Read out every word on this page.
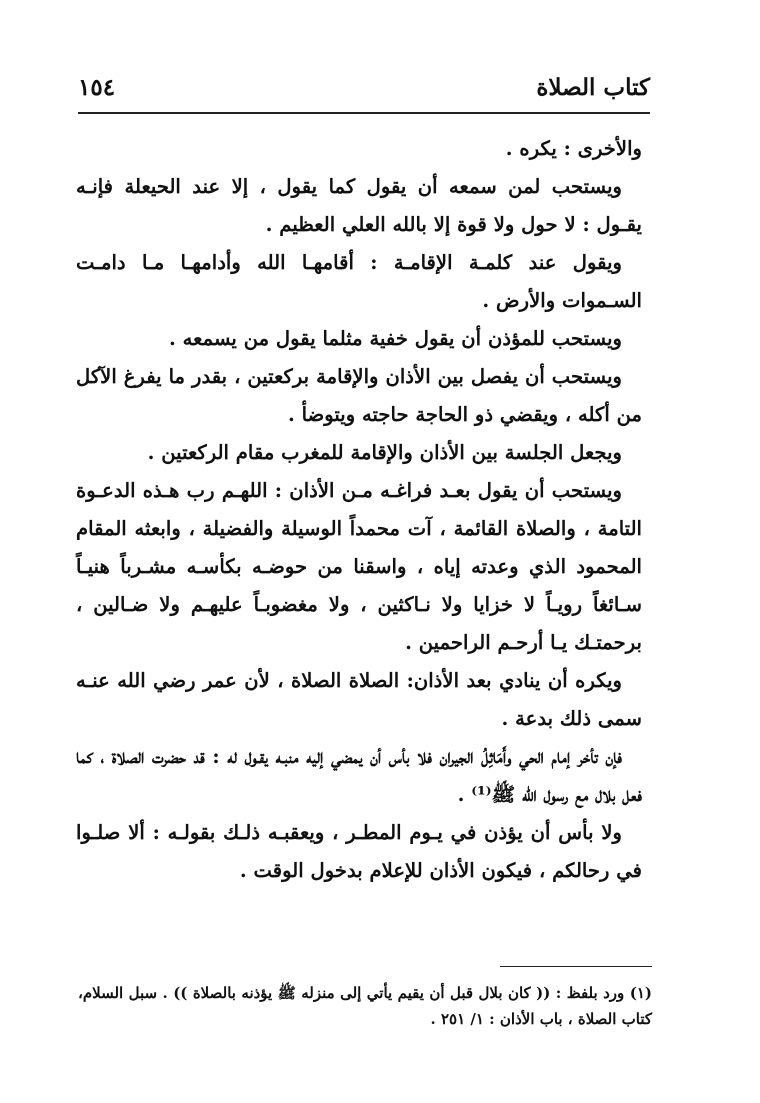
كتاب الصلاة
١٥٤

والأخرى : يكره .

ويستحب لمن سمعه أن يقول كما يقول ، إلا عند الحيعلة فإنـه يقـول : لا حول ولا قوة إلا بالله العلي العظيم .

ويقول عند كلمـة الإقامـة : أقامهـا الله وأدامهـا مـا دامـت السـموات والأرض .

ويستحب للمؤذن أن يقول خفية مثلما يقول من يسمعه .

ويستحب أن يفصل بين الأذان والإقامة بركعتين ، بقدر ما يفرغ الآكل من أكله ، ويقضي ذو الحاجة حاجته ويتوضأ .

ويجعل الجلسة بين الأذان والإقامة للمغرب مقام الركعتين .

ويستحب أن يقول بعـد فراغـه مـن الأذان : اللهـم رب هـذه الدعـوة التامة ، والصلاة القائمة ، آت محمداً الوسيلة والفضيلة ، وابعثه المقام المحمود الذي وعدته إياه ، واسقنا من حوضـه بكأسـه مشـرباً هنيـاً سـائغاً رويـاً لا خزايا ولا نـاكثين ، ولا مغضوبـاً عليهـم ولا ضـالين ، برحمتـك يـا أرحـم الراحمين .

ويكره أن ينادي بعد الأذان: الصلاة الصلاة ، لأن عمر رضي الله عنـه سمى ذلك بدعة .

فإن تأخر إمام الحي وأَمَاثِلُ الجيران فلا بأس أن يمضي إليه منبـه يقـول له : قد حضرت الصلاة ، كما فعل بلال مع رسول الله ﷺ⁽¹⁾ .

ولا بأس أن يؤذن في يـوم المطـر ، ويعقبـه ذلـك بقولـه : ألا صلـوا في رحالكم ، فيكون الأذان للإعلام بدخول الوقت .

(١) ورد بلفظ : (( كان بلال قبل أن يقيم يأتي إلى منزله ﷺ يؤذنه بالصلاة )) . سبل السلام، كتاب الصلاة ، باب الأذان : ١/ ٢٥١ .
